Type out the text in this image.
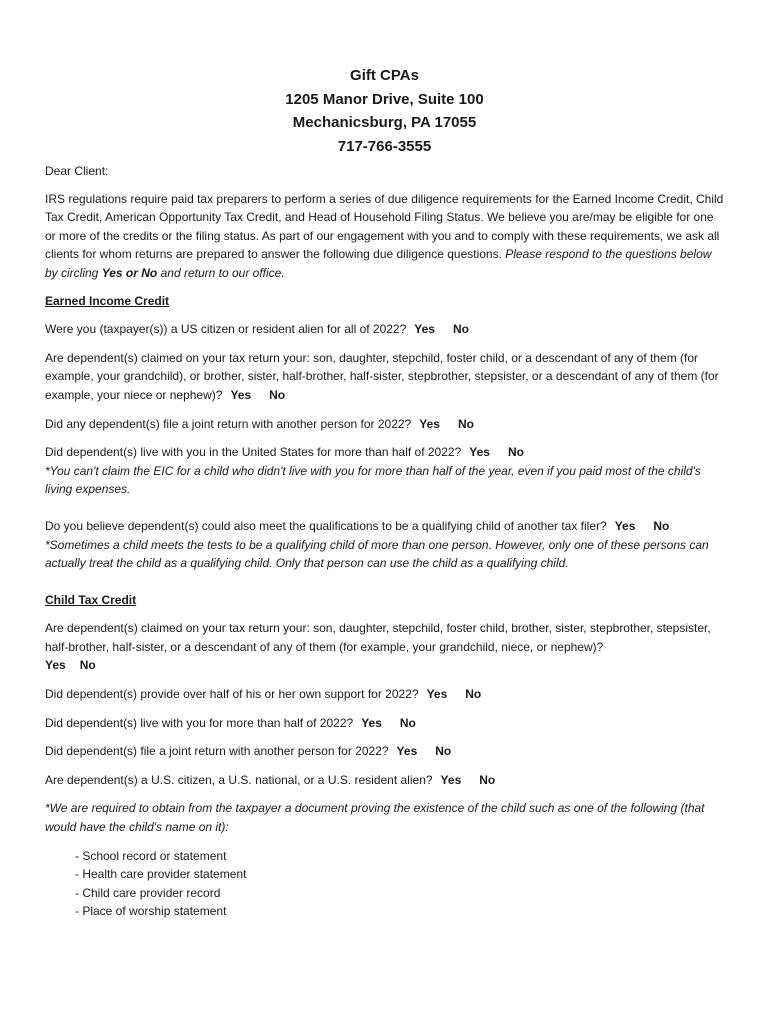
Gift CPAs
1205 Manor Drive, Suite 100
Mechanicsburg, PA 17055
717-766-3555

Dear Client:

IRS regulations require paid tax preparers to perform a series of due diligence requirements for the Earned Income Credit, Child Tax Credit, American Opportunity Tax Credit, and Head of Household Filing Status. We believe you are/may be eligible for one or more of the credits or the filing status. As part of our engagement with you and to comply with these requirements, we ask all clients for whom returns are prepared to answer the following due diligence questions. Please respond to the questions below by circling Yes or No and return to our office.

Earned Income Credit

Were you (taxpayer(s)) a US citizen or resident alien for all of 2022? Yes No

Are dependent(s) claimed on your tax return your: son, daughter, stepchild, foster child, or a descendant of any of them (for example, your grandchild), or brother, sister, half-brother, half-sister, stepbrother, stepsister, or a descendant of any of them (for example, your niece or nephew)? Yes No

Did any dependent(s) file a joint return with another person for 2022? Yes No

Did dependent(s) live with you in the United States for more than half of 2022? Yes No

*You can't claim the EIC for a child who didn't live with you for more than half of the year, even if you paid most of the child's living expenses.

Do you believe dependent(s) could also meet the qualifications to be a qualifying child of another tax filer? Yes No

*Sometimes a child meets the tests to be a qualifying child of more than one person. However, only one of these persons can actually treat the child as a qualifying child. Only that person can use the child as a qualifying child.

Child Tax Credit

Are dependent(s) claimed on your tax return your: son, daughter, stepchild, foster child, brother, sister, stepbrother, stepsister, half-brother, half-sister, or a descendant of any of them (for example, your grandchild, niece, or nephew)?
Yes No

Did dependent(s) provide over half of his or her own support for 2022? Yes No

Did dependent(s) live with you for more than half of 2022? Yes No

Did dependent(s) file a joint return with another person for 2022? Yes No

Are dependent(s) a U.S. citizen, a U.S. national, or a U.S. resident alien? Yes No

*We are required to obtain from the taxpayer a document proving the existence of the child such as one of the following (that would have the child's name on it):

- School record or statement
- Health care provider statement
- Child care provider record
- Place of worship statement
